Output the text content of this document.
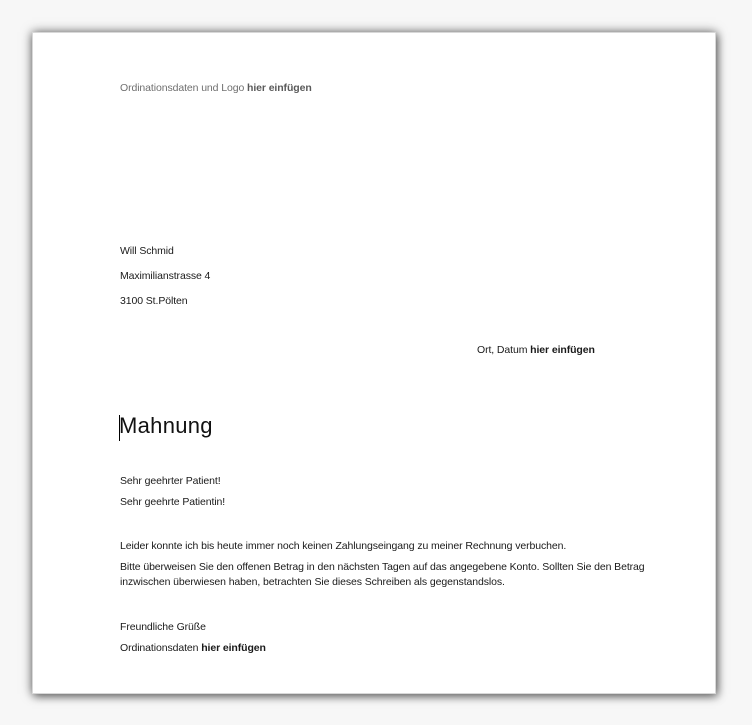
Ordinationsdaten und Logo hier einfügen
Will Schmid
Maximilianstrasse 4
3100 St.Pölten
Ort, Datum hier einfügen
Mahnung
Sehr geehrter Patient!
Sehr geehrte Patientin!
Leider konnte ich bis heute immer noch keinen Zahlungseingang zu meiner Rechnung verbuchen.
Bitte überweisen Sie den offenen Betrag in den nächsten Tagen auf das angegebene Konto. Sollten Sie den Betrag inzwischen überwiesen haben, betrachten Sie dieses Schreiben als gegenstandslos.
Freundliche Grüße
Ordinationsdaten hier einfügen
